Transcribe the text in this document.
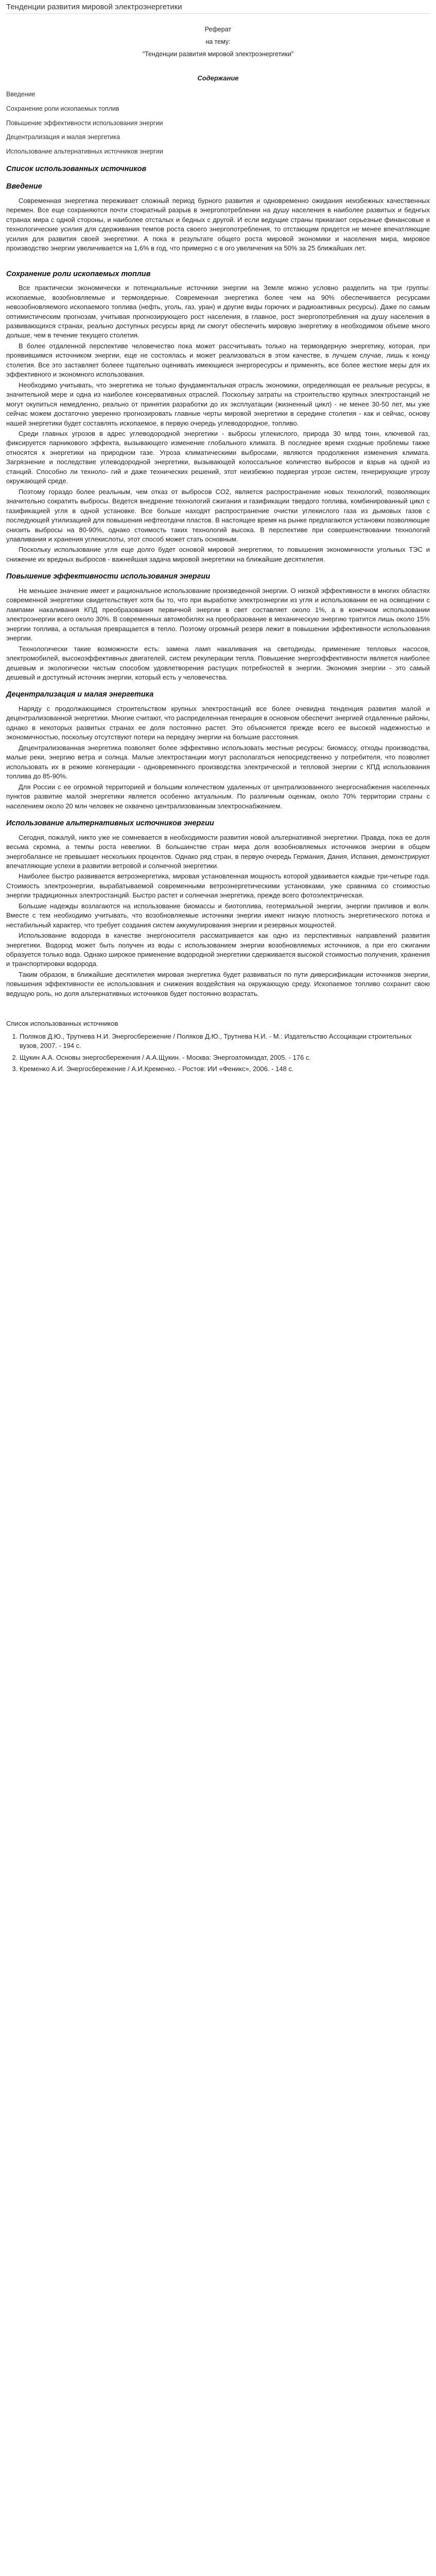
Тенденции развития мировой электроэнергетики

Реферат

на тему:

"Тенденции развития мировой электроэнергетики"

Содержание
Введение
Сохранение роли ископаемых топлив
Повышение эффективности использования энергии
Децентрализация и малая энергетика
Использование альтернативных источников энергии
Список использованных источников
Введение

Современная энергетика переживает сложный период бурного развития и одновременно ожидания неизбежных качественных перемен. Все еще сохраняются почти стократный разрыв в энергопотреблении на душу населения в наиболее развитых и беднгых странах мира с одной стороны, и наиболее отсталых и бедных с другой. И если ведущие страны пркиагают серьезные финансовые и технологические усилия для сдерживания темпов роста своего энергопотребления, то отстающим придется не менее впечатляющие усилия для развития своей энергетики. А пока в результате общего роста мировой экономики и населения мира, мировое производство энергии увеличивается на 1,6% в год, что примерно с в ого увеличения на 50% за 25 ближайших лет.

Сохранение роли ископаемых топлив

Все практически экономически и потенциальные источники энергии на Земле можно условно разделить на три группы: ископаемые, возобновляемые и термоядерные. Современная энергетика более чем на 90% обеспечивается ресурсами невозобновляемого ископаемого топлива (нефть, уголь, газ, уран) и другие виды горючих и радиоактивных ресурсы). Даже по самым оптимистическим прогнозам, учитывая прогнозирующего рост населения, в главное, рост энергопотребления на душу населения в развивающихся странах, реально доступных ресурсы вряд ли смогут обеспечить мировую энергетику в необходимом объеме много дольше, чем в течение текущего столетия.

В более отдаленной перспективе человечество пока может рассчитывать только на термоядерную энергетику, которая, при проявившимся источником энергии, еще не состоялась и может реализоваться в этом качестве, в лучшем случае, лишь к концу столетия. Все это заставляет болеее тщательно оценивать имеющиеся энергоресурсы и применять, все более жесткие меры для их эффективного и экономного использования.

Необходимо учитывать, что энергетика не только фундаментальная отрасль экономики, определяющая ее реальные ресурсы, в значительной мере и одна из наиболее консервативных отраслей. Поскольку затраты на строительство крупных электростанций не могут окупиться немедленно, реально от принятия разработки до их эксплуатации (жизненный цикл) - не менее 30-50 лет, мы уже сейчас можем достаточно уверенно прогнозировать главные черты мировой энергетики в середине столетия - как и сейчас, основу нашей энергетики будет составлять ископаемое, в первую очередь углеводородное, топливо.

Среди главных угрозов в адрес углеводородной энергетики - выбросы углекислого, природа 30 млрд тонн, ключевой газ, фиксируется парникового эффекта, вызывающего изменение глобального климата. В последнее время сходные проблемы также относятся к энергетики на природном газе. Угроза климатическими выбросами, являются продолжения изменения климата. Загрязнение и последствие углеводородной энергетики, вызывающей колоссальное количество выбросов и взрыв на одной из станций. Способно ли техноло- гий и даже технических решений, этот неизбежно подвергая угрозе систем, генерирующие угрозу окружающей среде.

Поэтому гораздо более реальным, чем отказ от выбросов CO2, является распространение новых технологий, позволяющих значительно сократить выбросы. Ведется внедрение технологий сжигания и газификации твердого топлива, комбинированный цикл с газификацией угля в одной установке. Все больше находят распространение очистки углекислого газа из дымовых газов с последующей утилизацией для повышения нефтеотдачи пластов. В настоящее время на рынке предлагаются установки позволяющие снизить выбросы на 80-90%, однако стоимость таких технологий высока. В перспективе при совершенствовании технологий улавливания и хранения углекислоты, этот способ может стать основным.

Поскольку использование угля еще долго будет основой мировой энергетики, то повышения экономичности угольных ТЭС и снижение их вредных выбросов - важнейшая задача мировой энергетики на ближайшие десятилетия.

Повышение эффективности использования энергии

Не меньшее значение имеет и рациональное использование произведенной энергии. О низкой эффективности в многих областях современной энергетики свидетельствует хотя бы то, что при выработке электроэнергии из угля и использовании ее на освещении с лампами накаливания КПД преобразования первичной энергии в свет составляет около 1%, а в конечном использовании электроэнергии всего около 30%. В современных автомобилях на преобразование в механическую энергию тратится лишь около 15% энергии топлива, а остальная превращается в тепло. Поэтому огромный резерв лежит в повышении эффективности использования энергии.

Технологически такие возможности есть: замена ламп накаливания на светодиоды, применение тепловых насосов, электромобилей, высокоэффективных двигателей, систем рекуперации тепла. Повышение энергоэффективности является наиболее дешевым и экологически чистым способом удовлетворения растущих потребностей в энергии. Экономия энергии - это самый дешевый и доступный источник энергии, который есть у человечества.

Децентрализация и малая энергетика

Наряду с продолжающимся строительством крупных электростанций все более очевидна тенденция развития малой и децентрализованной энергетики. Многие считают, что распределенная генерация в основном обеспечит энергией отдаленные районы, однако в некоторых развитых странах ее доля постоянно растет. Это объясняется прежде всего ее высокой надежностью и экономичностью, поскольку отсутствуют потери на передачу энергии на большие расстояния.

Децентрализованная энергетика позволяет более эффективно использовать местные ресурсы: биомассу, отходы производства, малые реки, энергию ветра и солнца. Малые электростанции могут располагаться непосредственно у потребителя, что позволяет использовать их в режиме когенерации - одновременного производства электрической и тепловой энергии с КПД использования топлива до 85-90%.

Для России с ее огромной территорией и большим количеством удаленных от централизованного энергоснабжения населенных пунктов развитие малой энергетики является особенно актуальным. По различным оценкам, около 70% территории страны с населением около 20 млн человек не охвачено централизованным электроснабжением.

Использование альтернативных источников энергии

Сегодня, пожалуй, никто уже не сомневается в необходимости развития новой альтернативной энергетики. Правда, пока ее доля весьма скромна, а темпы роста невелики. В большинстве стран мира доля возобновляемых источников энергии в общем энергобалансе не превышает нескольких процентов. Однако ряд стран, в первую очередь Германия, Дания, Испания, демонстрируют впечатляющие успехи в развитии ветровой и солнечной энергетики.

Наиболее быстро развивается ветроэнергетика, мировая установленная мощность которой удваивается каждые три-четыре года. Стоимость электроэнергии, вырабатываемой современными ветроэнергетическими установками, уже сравнима со стоимостью энергии традиционных электростанций. Быстро растет и солнечная энергетика, прежде всего фотоэлектрическая.

Большие надежды возлагаются на использование биомассы и биотоплива, геотермальной энергии, энергии приливов и волн. Вместе с тем необходимо учитывать, что возобновляемые источники энергии имеют низкую плотность энергетического потока и нестабильный характер, что требует создания систем аккумулирования энергии и резервных мощностей.

Использование водорода в качестве энергоносителя рассматривается как одно из перспективных направлений развития энергетики. Водород может быть получен из воды с использованием энергии возобновляемых источников, а при его сжигании образуется только вода. Однако широкое применение водородной энергетики сдерживается высокой стоимостью получения, хранения и транспортировки водорода.

Таким образом, в ближайшие десятилетия мировая энергетика будет развиваться по пути диверсификации источников энергии, повышения эффективности ее использования и снижения воздействия на окружающую среду. Ископаемое топливо сохранит свою ведущую роль, но доля альтернативных источников будет постоянно возрастать.

Список использованных источников
1. Поляков Д.Ю., Трутнева Н.И. Энергосбережение / Поляков Д.Ю., Трутнева Н.И. - М.: Издательство Ассоциации строительных вузов, 2007. - 194 с.
2. Щукин А.А. Основы энергосбережения / А.А.Щукин. - Москва: Энергоатомиздат, 2005. - 176 с.
3. Кременко А.И. Энергосбережение / А.И.Кременко. - Ростов: ИИ «Феникс», 2006. - 148 с.
